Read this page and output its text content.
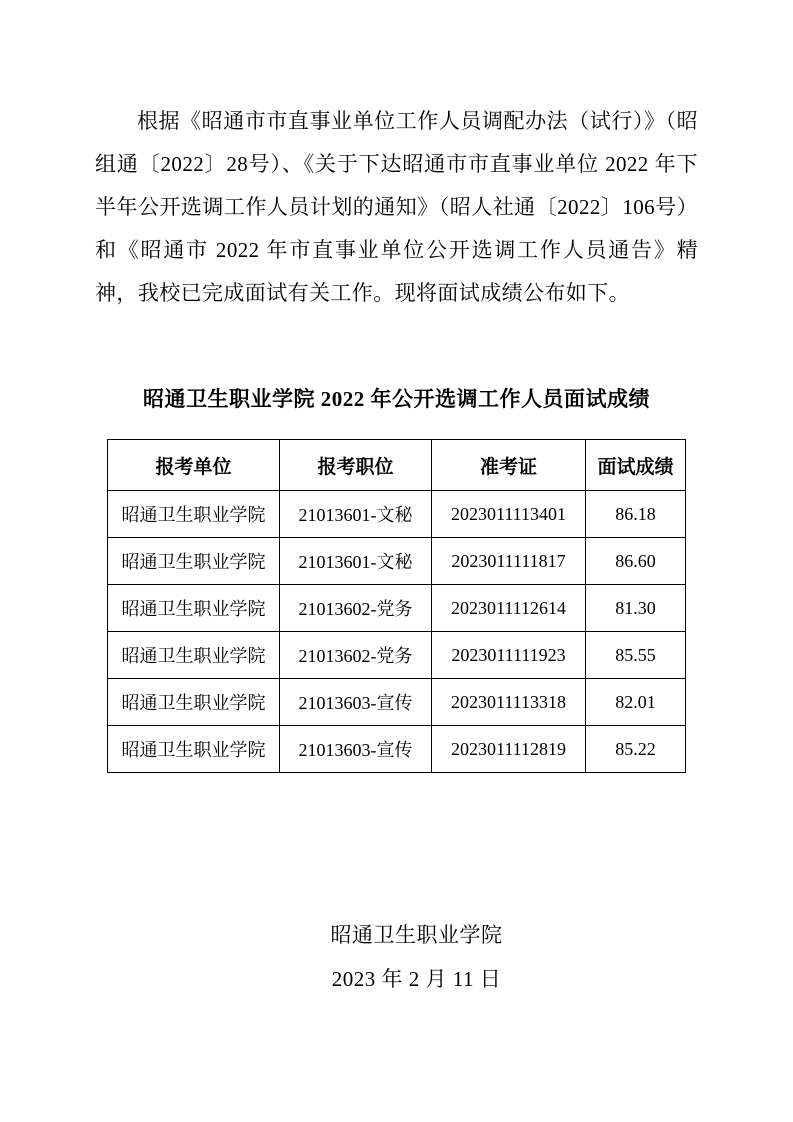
根据《昭通市市直事业单位工作人员调配办法（试行）》（昭组通〔2022〕28号）、《关于下达昭通市市直事业单位 2022 年下半年公开选调工作人员计划的通知》（昭人社通〔2022〕106号）和《昭通市 2022 年市直事业单位公开选调工作人员通告》精神，我校已完成面试有关工作。现将面试成绩公布如下。

昭通卫生职业学院 2022 年公开选调工作人员面试成绩
报考单位	报考职位	准考证	面试成绩
昭通卫生职业学院	21013601-文秘	2023011113401	86.18
昭通卫生职业学院	21013601-文秘	2023011111817	86.60
昭通卫生职业学院	21013602-党务	2023011112614	81.30
昭通卫生职业学院	21013602-党务	2023011111923	85.55
昭通卫生职业学院	21013603-宣传	2023011113318	82.01
昭通卫生职业学院	21013603-宣传	2023011112819	85.22
昭通卫生职业学院
2023 年 2 月 11 日
